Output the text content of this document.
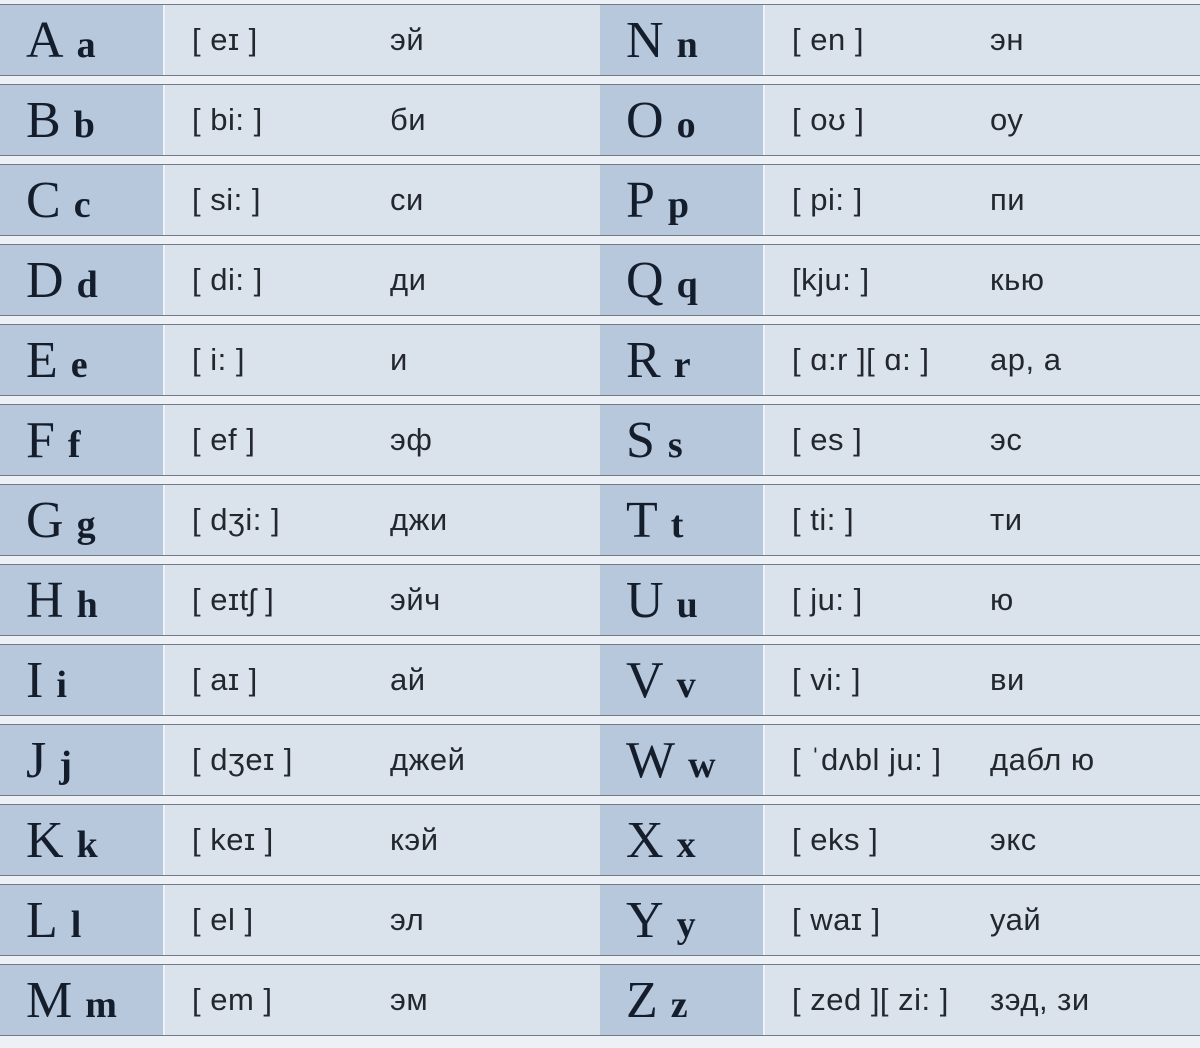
A a	[ eɪ ]	эй
B b	[ bi: ]	би
C c	[ si: ]	си
D d	[ di: ]	ди
E e	[ i: ]	и
F f	[ ef ]	эф
G g	[ dʒi: ]	джи
H h	[ eɪtʃ ]	эйч
I i	[ aɪ ]	ай
J j	[ dʒeɪ ]	джей
K k	[ keɪ ]	кэй
L l	[ el ]	эл
M m	[ em ]	эм
N n	[ en ]	эн
O o	[ oʊ ]	оу
P p	[ pi: ]	пи
Q q	[kju: ]	кью
R r	[ ɑ:r ][ ɑ: ] ар, а
S s	[ es ]	эс
T t	[ ti: ]	ти
U u	[ ju: ]	ю
V v	[ vi: ]	ви
W w	[ ˈdʌbl ju: ] дабл ю
X x	[ eks ]	экс
Y y	[ waɪ ]	уай
Z z	[ zed ][ zi: ] зэд, зи
